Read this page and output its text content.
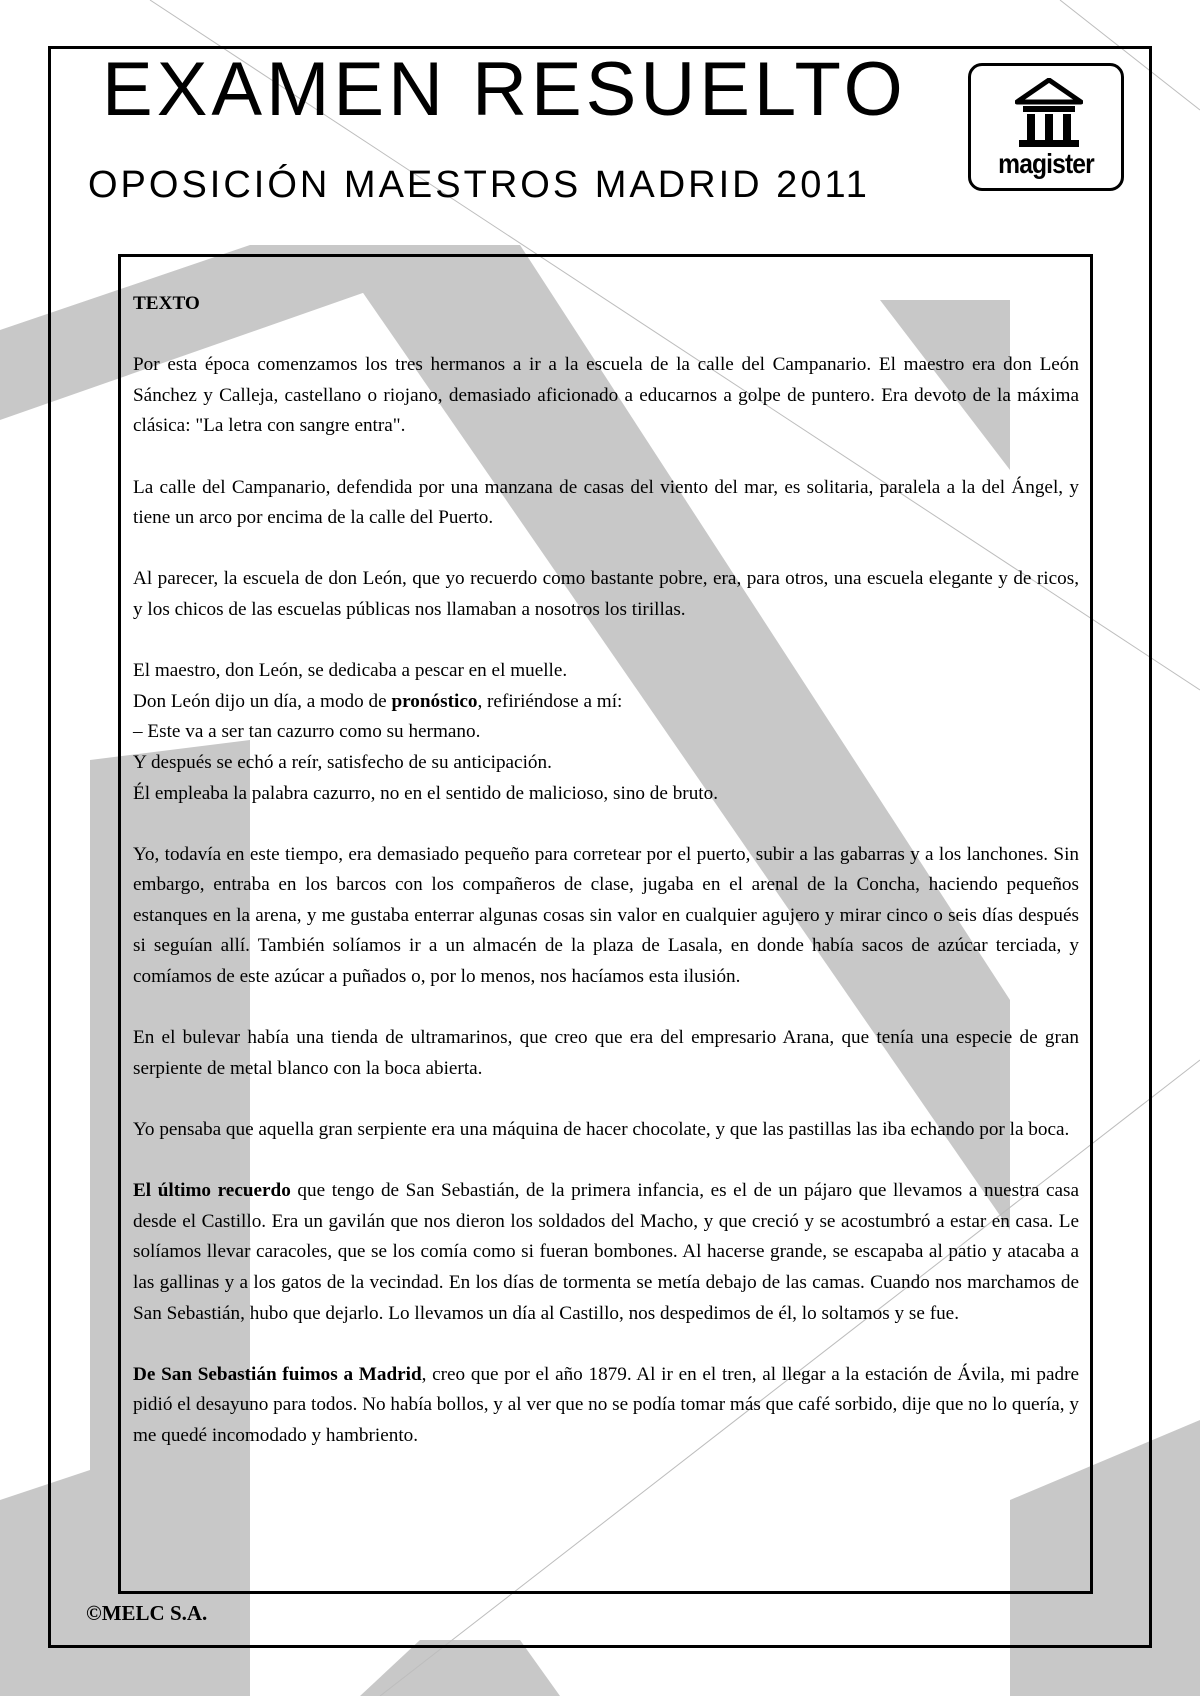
EXAMEN RESUELTO
OPOSICIÓN MAESTROS MADRID 2011
magister

TEXTO

Por esta época comenzamos los tres hermanos a ir a la escuela de la calle del Campanario. El maestro era don León Sánchez y Calleja, castellano o riojano, demasiado aficionado a educarnos a golpe de puntero. Era devoto de la máxima clásica: "La letra con sangre entra".

La calle del Campanario, defendida por una manzana de casas del viento del mar, es solitaria, paralela a la del Ángel, y tiene un arco por encima de la calle del Puerto.

Al parecer, la escuela de don León, que yo recuerdo como bastante pobre, era, para otros, una escuela elegante y de ricos, y los chicos de las escuelas públicas nos llamaban a nosotros los tirillas.

El maestro, don León, se dedicaba a pescar en el muelle.
Don León dijo un día, a modo de pronóstico, refiriéndose a mí:
– Este va a ser tan cazurro como su hermano.
Y después se echó a reír, satisfecho de su anticipación.
Él empleaba la palabra cazurro, no en el sentido de malicioso, sino de bruto.

Yo, todavía en este tiempo, era demasiado pequeño para corretear por el puerto, subir a las gabarras y a los lanchones. Sin embargo, entraba en los barcos con los compañeros de clase, jugaba en el arenal de la Concha, haciendo pequeños estanques en la arena, y me gustaba enterrar algunas cosas sin valor en cualquier agujero y mirar cinco o seis días después si seguían allí. También solíamos ir a un almacén de la plaza de Lasala, en donde había sacos de azúcar terciada, y comíamos de este azúcar a puñados o, por lo menos, nos hacíamos esta ilusión.

En el bulevar había una tienda de ultramarinos, que creo que era del empresario Arana, que tenía una especie de gran serpiente de metal blanco con la boca abierta.

Yo pensaba que aquella gran serpiente era una máquina de hacer chocolate, y que las pastillas las iba echando por la boca.

El último recuerdo que tengo de San Sebastián, de la primera infancia, es el de un pájaro que llevamos a nuestra casa desde el Castillo. Era un gavilán que nos dieron los soldados del Macho, y que creció y se acostumbró a estar en casa. Le solíamos llevar caracoles, que se los comía como si fueran bombones. Al hacerse grande, se escapaba al patio y atacaba a las gallinas y a los gatos de la vecindad. En los días de tormenta se metía debajo de las camas. Cuando nos marchamos de San Sebastián, hubo que dejarlo. Lo llevamos un día al Castillo, nos despedimos de él, lo soltamos y se fue.

De San Sebastián fuimos a Madrid, creo que por el año 1879. Al ir en el tren, al llegar a la estación de Ávila, mi padre pidió el desayuno para todos. No había bollos, y al ver que no se podía tomar más que café sorbido, dije que no lo quería, y me quedé incomodado y hambriento.

©MELC S.A.
